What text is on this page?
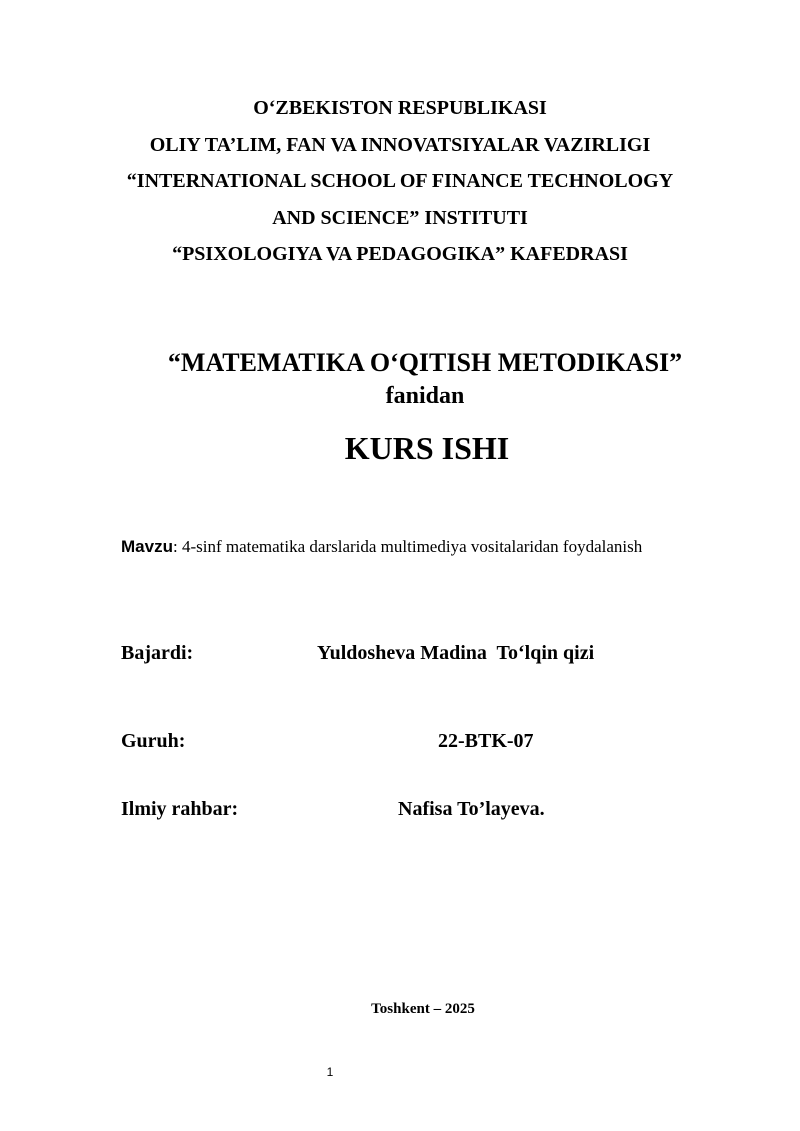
O‘ZBEKISTON RESPUBLIKASI
OLIY TA’LIM, FAN VA INNOVATSIYALAR VAZIRLIGI
“INTERNATIONAL SCHOOL OF FINANCE TECHNOLOGY
AND SCIENCE” INSTITUTI
“PSIXOLOGIYA VA PEDAGOGIKA” KAFEDRASI
“MATEMATIKA O‘QITISH METODIKASI”
fanidan
KURS ISHI
Mavzu: 4-sinf matematika darslarida multimediya vositalaridan foydalanish
Bajardi:	Yuldosheva Madina  To‘lqin qizi
Guruh:	22-BTK-07
Ilmiy rahbar:	Nafisa To’layeva.
Toshkent – 2025
1
